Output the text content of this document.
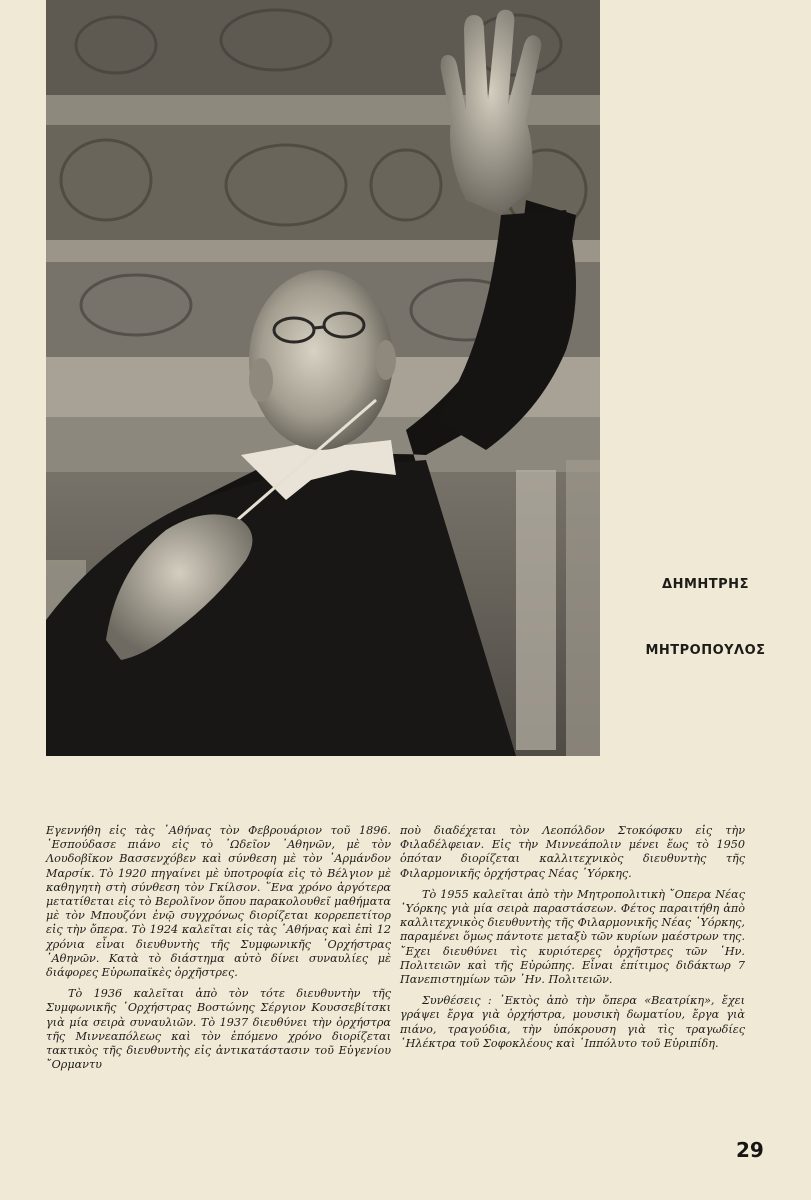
ΔΗΜΗΤΡΗΣ
ΜΗΤΡΟΠΟΥΛΟΣ

Eγεννήθη εἰς τὰς ᾽Αθήνας τὸν Φεβρουάριον τοῦ 1896. ᾽Εσπούδασε πιάνο εἰς τὸ ᾽Ωδεῖον ᾽Αθηνῶν, μὲ τὸν Λουδοβῖκον Βασσενχόβεν καὶ σύνθεση μὲ τὸν ᾽Αρμάνδον Μαρσίκ. Τὸ 1920 πηγαίνει μὲ ὑποτροφία εἰς τὸ Βέλγιον μὲ καθηγητὴ στὴ σύνθεση τὸν Γκίλσον. ῞Ενα χρόνο ἀργότερα μετατίθεται εἰς τὸ Βερολῖνον ὅπου παρακολουθεῖ μαθήματα μὲ τὸν Μπουζόνι ἐνῷ συγχρόνως διορίζεται κορρεπετίτορ εἰς τὴν ὄπερα. Τὸ 1924 καλεῖται εἰς τὰς ᾽Αθήνας καὶ ἐπὶ 12 χρόνια εἶναι διευθυντὴς τῆς Συμφωνικῆς ᾽Ορχήστρας ᾽Αθηνῶν. Κατὰ τὸ διάστημα αὐτὸ δίνει συναυλίες μὲ διάφορες Εὐρωπαϊκὲς ὀρχῆστρες.

Τὸ 1936 καλεῖται ἀπὸ τὸν τότε διευθυντὴν τῆς Συμφωνικῆς ᾽Ορχήστρας Βοστώνης Σέργιον Κουσσεβίτσκι γιὰ μία σειρὰ συναυλιῶν. Τὸ 1937 διευθύνει τὴν ὀρχήστρα τῆς Μιννεαπόλεως καὶ τὸν ἑπόμενο χρόνο διορίζεται τακτικὸς τῆς διευθυντὴς εἰς ἀντικατάστασιν τοῦ Εὐγενίου ῎Ορμαντυ

ποὺ διαδέχεται τὸν Λεοπόλδον Στοκόφσκυ εἰς τὴν Φιλαδέλφειαν. Εἰς τὴν Μιννεάπολιν μένει ἕως τὸ 1950 ὁπόταν διορίζεται καλλιτεχνικὸς διευθυντὴς τῆς Φιλαρμονικῆς ὀρχήστρας Νέας ῾Υόρκης.

Τὸ 1955 καλεῖται ἀπὸ τὴν Μητροπολιτικὴ ῎Οπερα Νέας ῾Υόρκης γιὰ μία σειρὰ παραστάσεων. Φέτος παραιτήθη ἀπὸ καλλιτεχνικὸς διευθυντὴς τῆς Φιλαρμονικῆς Νέας ῾Υόρκης, παραμένει ὅμως πάντοτε μεταξὺ τῶν κυρίων μαέστρων της. ῎Εχει διευθύνει τὶς κυριότερες ὀρχῆστρες τῶν ῾Ην. Πολιτειῶν καὶ τῆς Εὐρώπης. Εἶναι ἐπίτιμος διδάκτωρ 7 Πανεπιστημίων τῶν ῾Ην. Πολιτειῶν.

Συνθέσεις : ᾽Εκτὸς ἀπὸ τὴν ὄπερα «Βεατρίκη», ἔχει γράψει ἔργα γιὰ ὀρχήστρα, μουσικὴ δωματίου, ἔργα γιὰ πιάνο, τραγούδια, τὴν ὑπόκρουση γιὰ τὶς τραγωδίες ῾Ηλέκτρα τοῦ Σοφοκλέους καὶ ῾Ιππόλυτο τοῦ Εὐριπίδη.

29
